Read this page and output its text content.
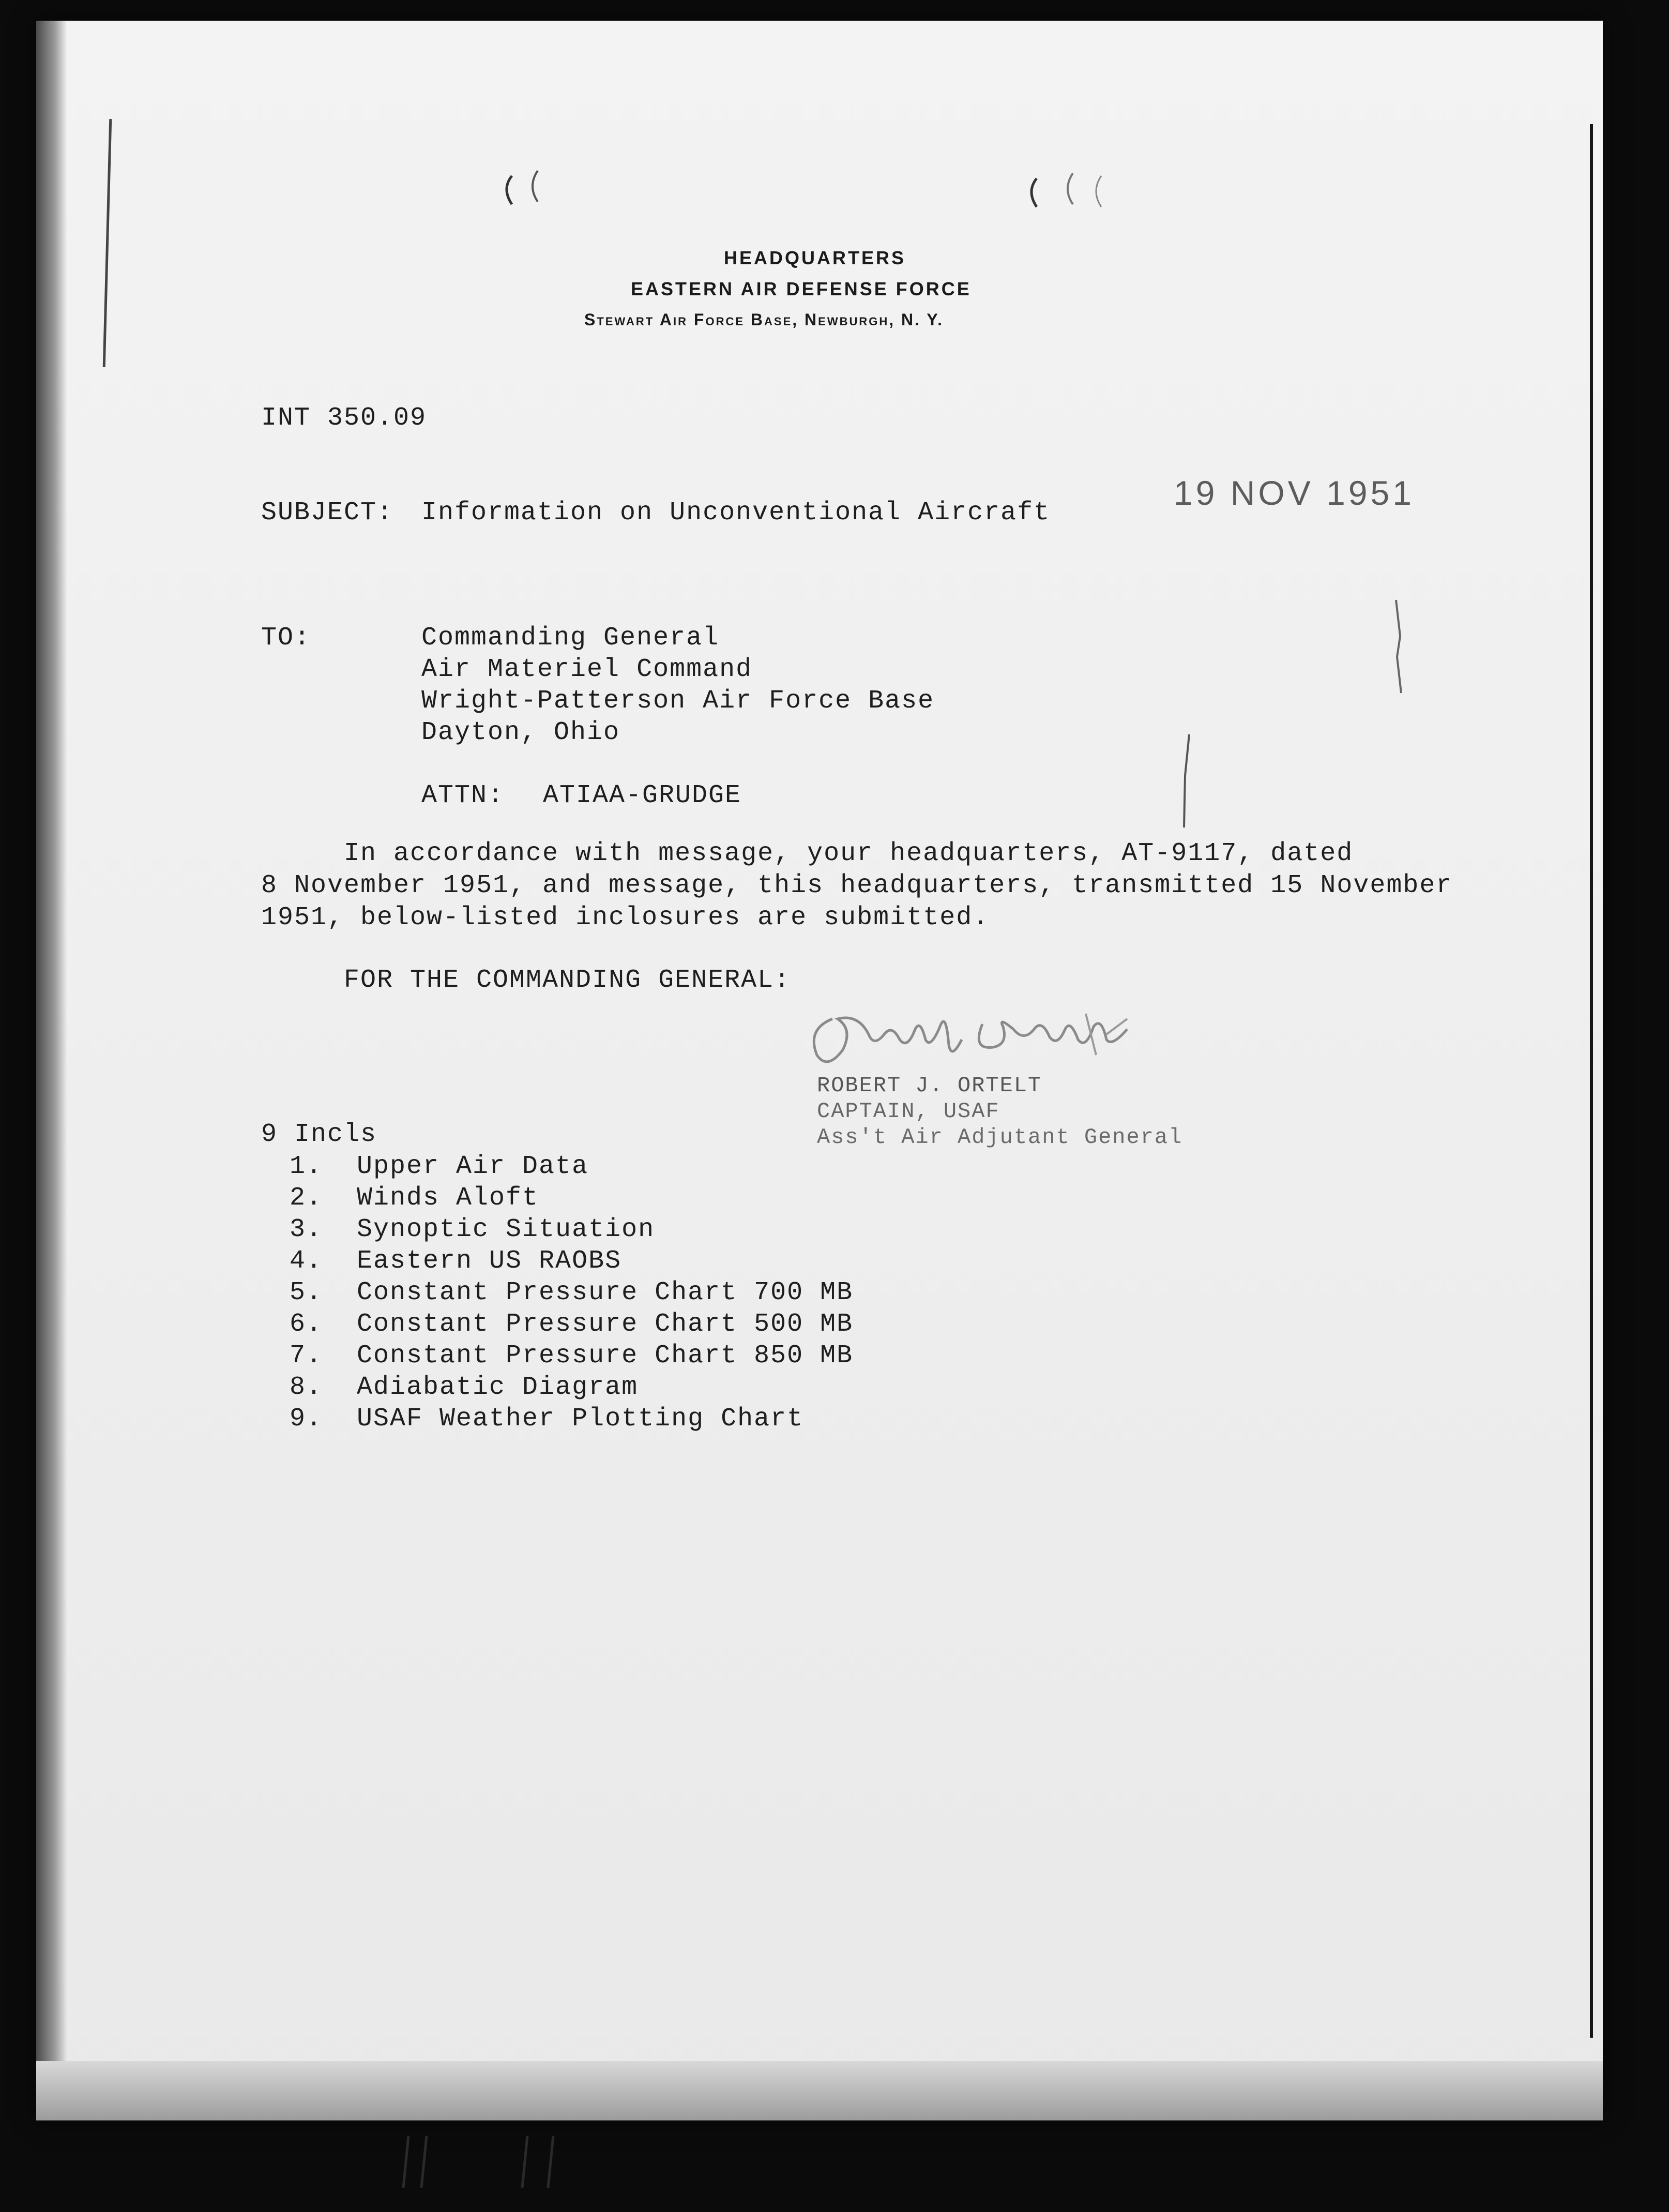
HEADQUARTERS
EASTERN AIR DEFENSE FORCE
Stewart Air Force Base, Newburgh, N. Y.
INT 350.09
SUBJECT: Information on Unconventional Aircraft
19 NOV 1951
TO:	Commanding General
Air Materiel Command
Wright-Patterson Air Force Base
Dayton, Ohio
ATTN: ATIAA-GRUDGE
In accordance with message, your headquarters, AT-9117, dated
8 November 1951, and message, this headquarters, transmitted 15 November
1951, below-listed inclosures are submitted.
FOR THE COMMANDING GENERAL:
ROBERT J. ORTELT
CAPTAIN, USAF
Ass't Air Adjutant General
9 Incls
1. Upper Air Data
2. Winds Aloft
3. Synoptic Situation
4. Eastern US RAOBS
5. Constant Pressure Chart 700 MB
6. Constant Pressure Chart 500 MB
7. Constant Pressure Chart 850 MB
8. Adiabatic Diagram
9. USAF Weather Plotting Chart
